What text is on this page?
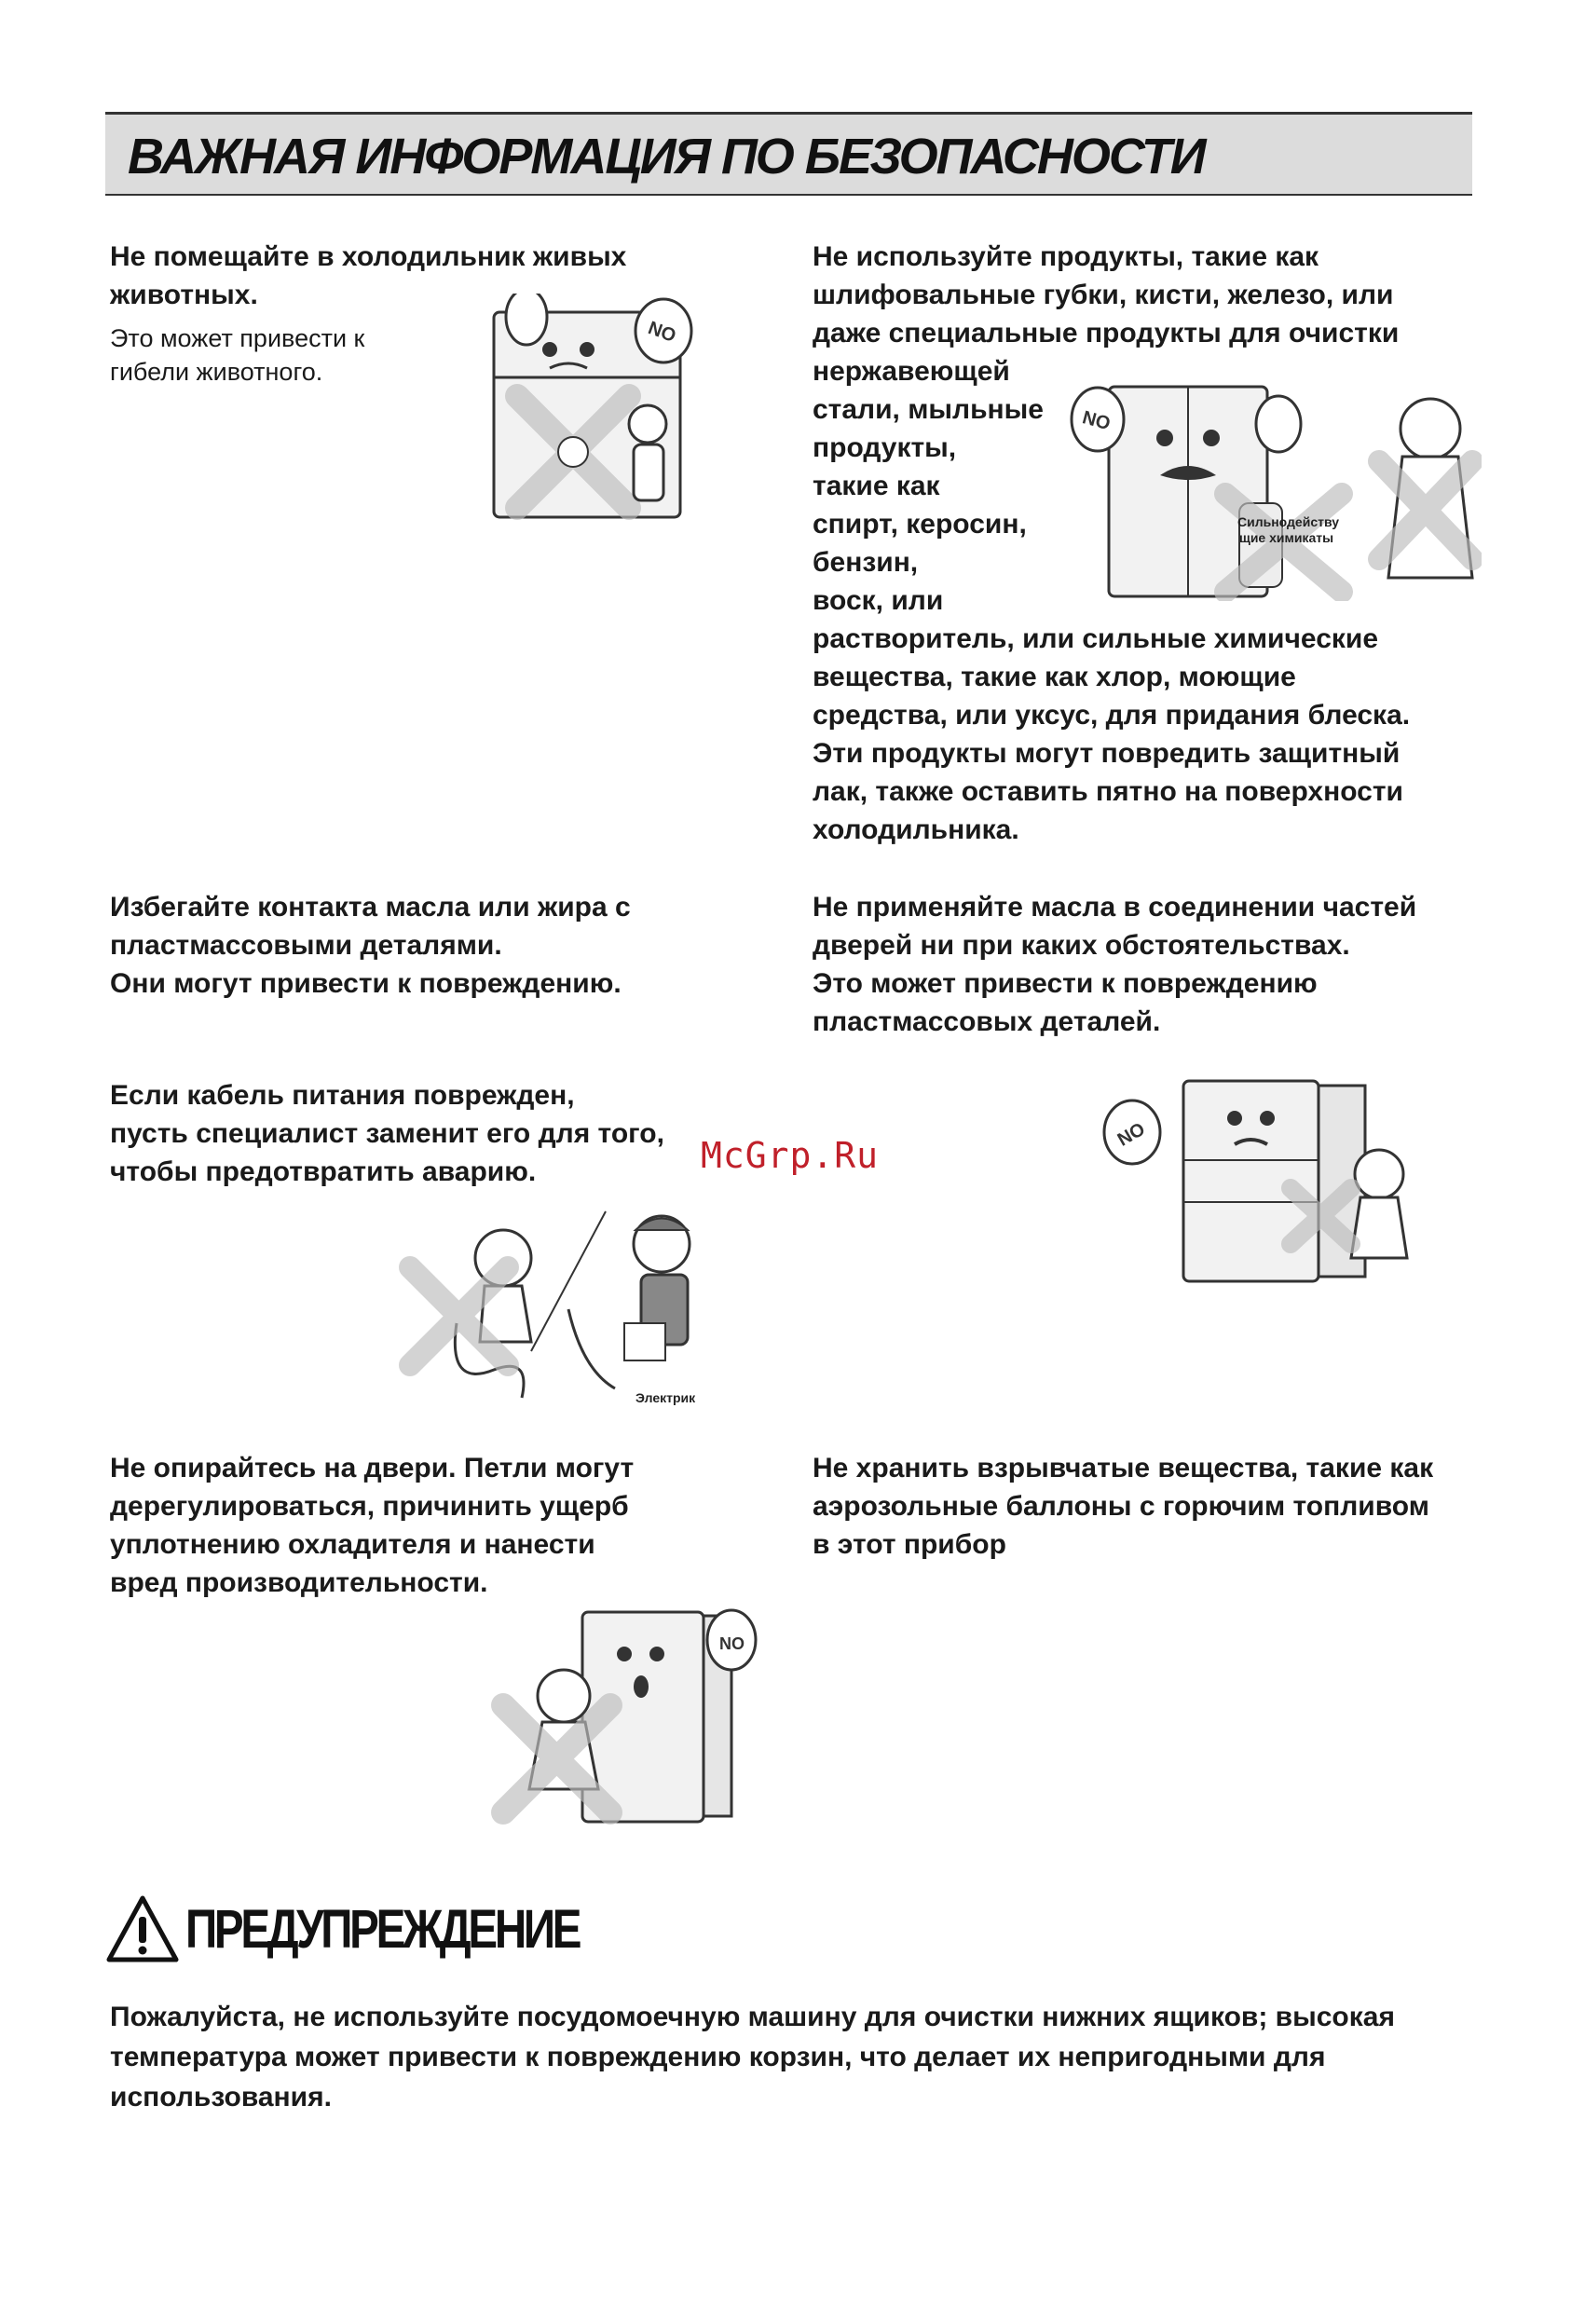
ВАЖНАЯ ИНФОРМАЦИЯ ПО БЕЗОПАСНОСТИ

Не помещайте в холодильник живых

животных.

Это может привести к

гибели животного.

NO

Не используйте продукты, такие как

шлифовальные губки, кисти, железо, или

даже специальные продукты для очистки

нержавеющей

стали, мыльные

продукты,

такие как

спирт, керосин,

бензин,

воск, или

растворитель, или сильные химические

вещества, такие как хлор, моющие

средства, или уксус, для придания блеска.

Эти продукты могут повредить защитный

лак, также оставить пятно на поверхности

холодильника.

NO
Сильнодейству
щие химикаты

Избегайте контакта масла или жира с

пластмассовыми деталями.

Они могут привести к повреждению.

Не применяйте масла в соединении частей

дверей ни при каких обстоятельствах.

Это может привести к повреждению

пластмассовых деталей.

Если кабель питания поврежден,

пусть специалист заменит его для того,

чтобы предотвратить аварию.	McGrp.Ru
Электрик
NO

Не опирайтесь на двери. Петли могут

дерегулироваться, причинить ущерб

уплотнению охладителя и нанести

вред производительности.

Не хранить взрывчатые вещества, такие как

аэрозольные баллоны с горючим топливом

в этот прибор

NO
ПРЕДУПРЕЖДЕНИЕ

Пожалуйста, не используйте посудомоечную машину для очистки нижних ящиков; высокая

температура может привести к повреждению корзин, что делает их непригодными для

использования.
